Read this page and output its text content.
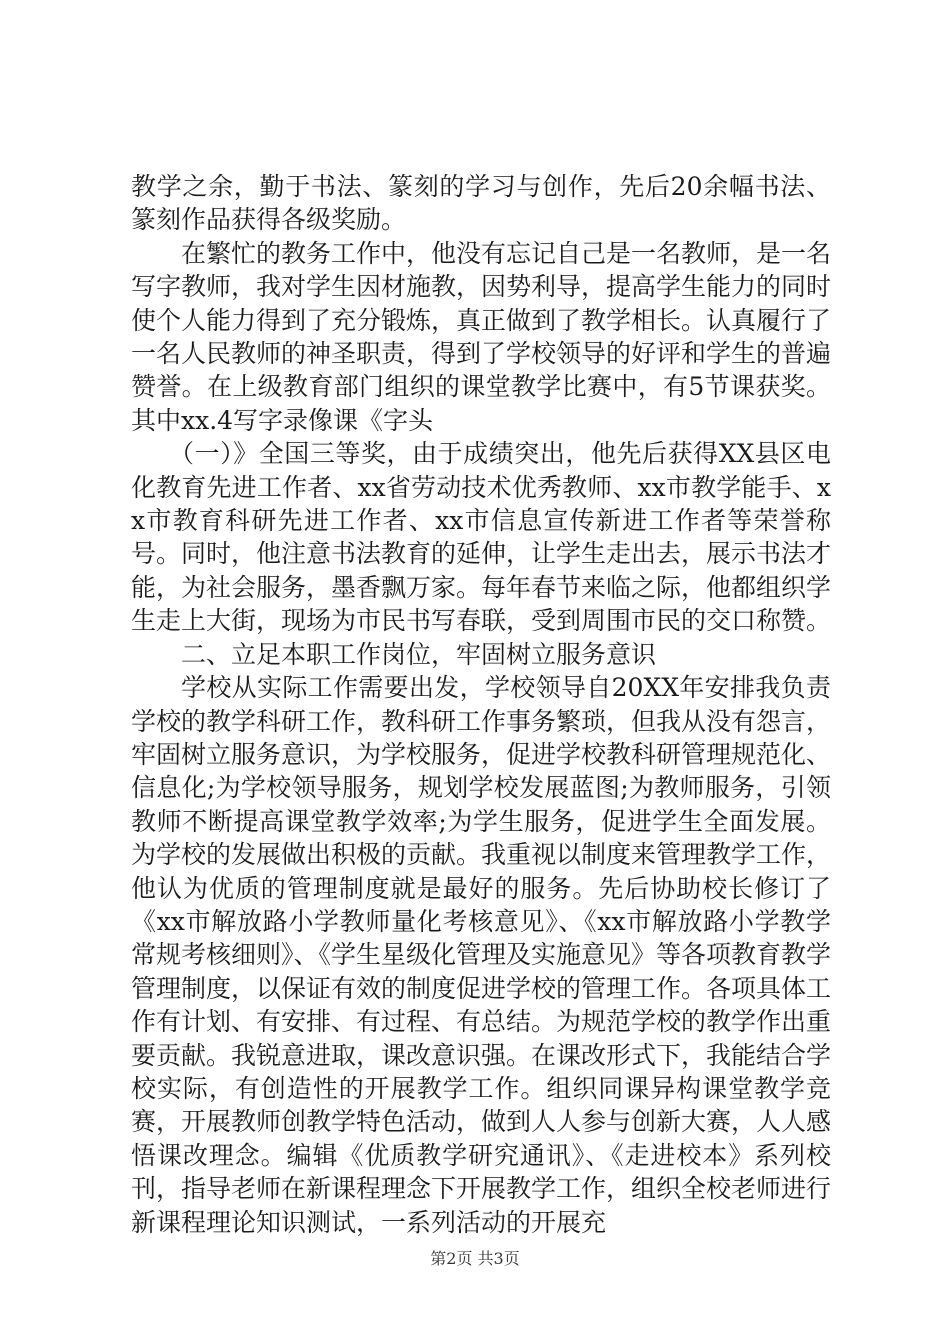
教学之余，勤于书法、篆刻的学习与创作，先后20余幅书法、篆刻作品获得各级奖励。

在繁忙的教务工作中，他没有忘记自己是一名教师，是一名写字教师，我对学生因材施教，因势利导，提高学生能力的同时使个人能力得到了充分锻炼，真正做到了教学相长。认真履行了一名人民教师的神圣职责，得到了学校领导的好评和学生的普遍赞誉。在上级教育部门组织的课堂教学比赛中，有5节课获奖。其中xx.4写字录像课《字头

（一）》全国三等奖，由于成绩突出，他先后获得XX县区电化教育先进工作者、xx省劳动技术优秀教师、xx市教学能手、xx市教育科研先进工作者、xx市信息宣传新进工作者等荣誉称号。同时，他注意书法教育的延伸，让学生走出去，展示书法才能，为社会服务，墨香飘万家。每年春节来临之际，他都组织学生走上大街，现场为市民书写春联，受到周围市民的交口称赞。

二、立足本职工作岗位，牢固树立服务意识

学校从实际工作需要出发，学校领导自20XX年安排我负责学校的教学科研工作，教科研工作事务繁琐，但我从没有怨言，牢固树立服务意识，为学校服务，促进学校教科研管理规范化、信息化;为学校领导服务，规划学校发展蓝图;为教师服务，引领教师不断提高课堂教学效率;为学生服务，促进学生全面发展。为学校的发展做出积极的贡献。我重视以制度来管理教学工作，他认为优质的管理制度就是最好的服务。先后协助校长修订了《xx市解放路小学教师量化考核意见》、《xx市解放路小学教学常规考核细则》、《学生星级化管理及实施意见》等各项教育教学管理制度，以保证有效的制度促进学校的管理工作。各项具体工作有计划、有安排、有过程、有总结。为规范学校的教学作出重要贡献。我锐意进取，课改意识强。在课改形式下，我能结合学校实际，有创造性的开展教学工作。组织同课异构课堂教学竞赛，开展教师创教学特色活动，做到人人参与创新大赛，人人感悟课改理念。编辑《优质教学研究通讯》、《走进校本》系列校刊，指导老师在新课程理念下开展教学工作，组织全校老师进行新课程理论知识测试，一系列活动的开展充

第2页 共3页
